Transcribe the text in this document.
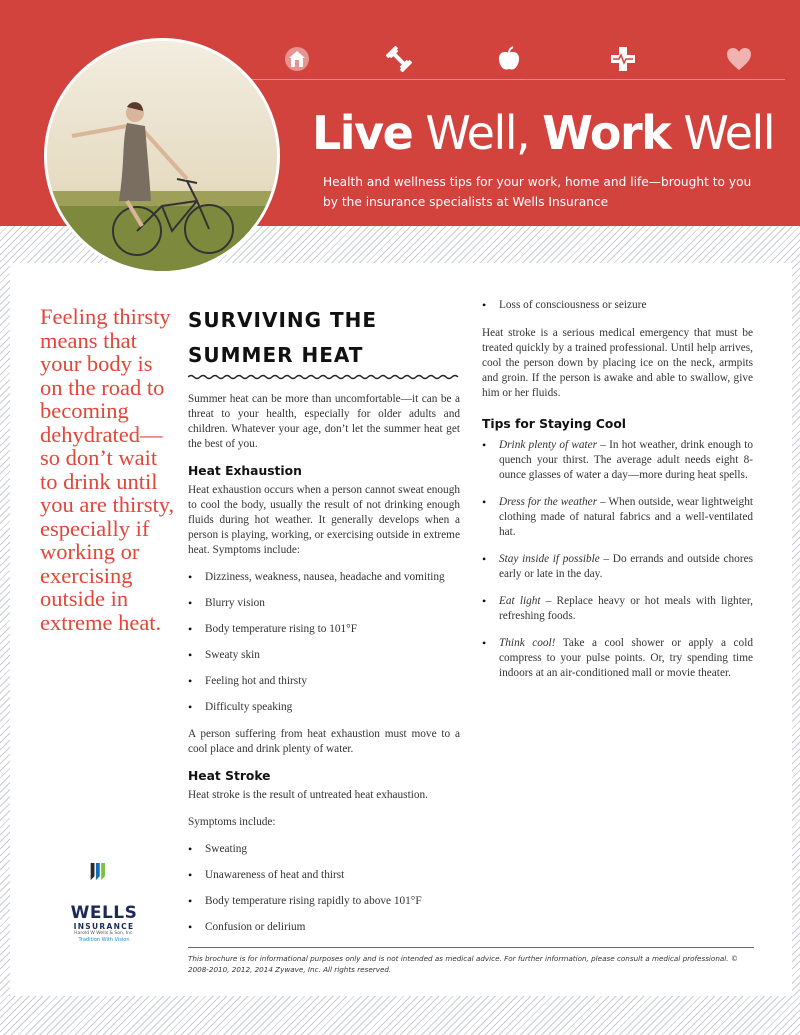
Live Well, Work Well
Health and wellness tips for your work, home and life—brought to you by the insurance specialists at Wells Insurance
Feeling thirsty means that your body is on the road to becoming dehydrated—so don’t wait to drink until you are thirsty, especially if working or exercising outside in extreme heat.
SURVIVING THE
SUMMER HEAT

Summer heat can be more than uncomfortable—it can be a threat to your health, especially for older adults and children. Whatever your age, don’t let the summer heat get the best of you.

Heat Exhaustion

Heat exhaustion occurs when a person cannot sweat enough to cool the body, usually the result of not drinking enough fluids during hot weather. It generally develops when a person is playing, working, or exercising outside in extreme heat. Symptoms include:

• Dizziness, weakness, nausea, headache and vomiting
• Blurry vision
• Body temperature rising to 101°F
• Sweaty skin
• Feeling hot and thirsty
• Difficulty speaking

A person suffering from heat exhaustion must move to a cool place and drink plenty of water.

Heat Stroke

Heat stroke is the result of untreated heat exhaustion.

Symptoms include:

• Sweating
• Unawareness of heat and thirst
• Body temperature rising rapidly to above 101°F
• Confusion or delirium
• Loss of consciousness or seizure

Heat stroke is a serious medical emergency that must be treated quickly by a trained professional. Until help arrives, cool the person down by placing ice on the neck, armpits and groin. If the person is awake and able to swallow, give him or her fluids.

Tips for Staying Cool
• Drink plenty of water – In hot weather, drink enough to quench your thirst. The average adult needs eight 8-ounce glasses of water a day—more during heat spells.
• Dress for the weather – When outside, wear lightweight clothing made of natural fabrics and a well-ventilated hat.
• Stay inside if possible – Do errands and outside chores early or late in the day.
• Eat light – Replace heavy or hot meals with lighter, refreshing foods.
• Think cool! Take a cool shower or apply a cold compress to your pulse points. Or, try spending time indoors at an air-conditioned mall or movie theater.
WELLS
INSURANCE
Harold W Wells & Son, Inc.
Tradition With Vision
This brochure is for informational purposes only and is not intended as medical advice. For further information, please consult a medical professional. © 2008-2010, 2012, 2014 Zywave, Inc. All rights reserved.
